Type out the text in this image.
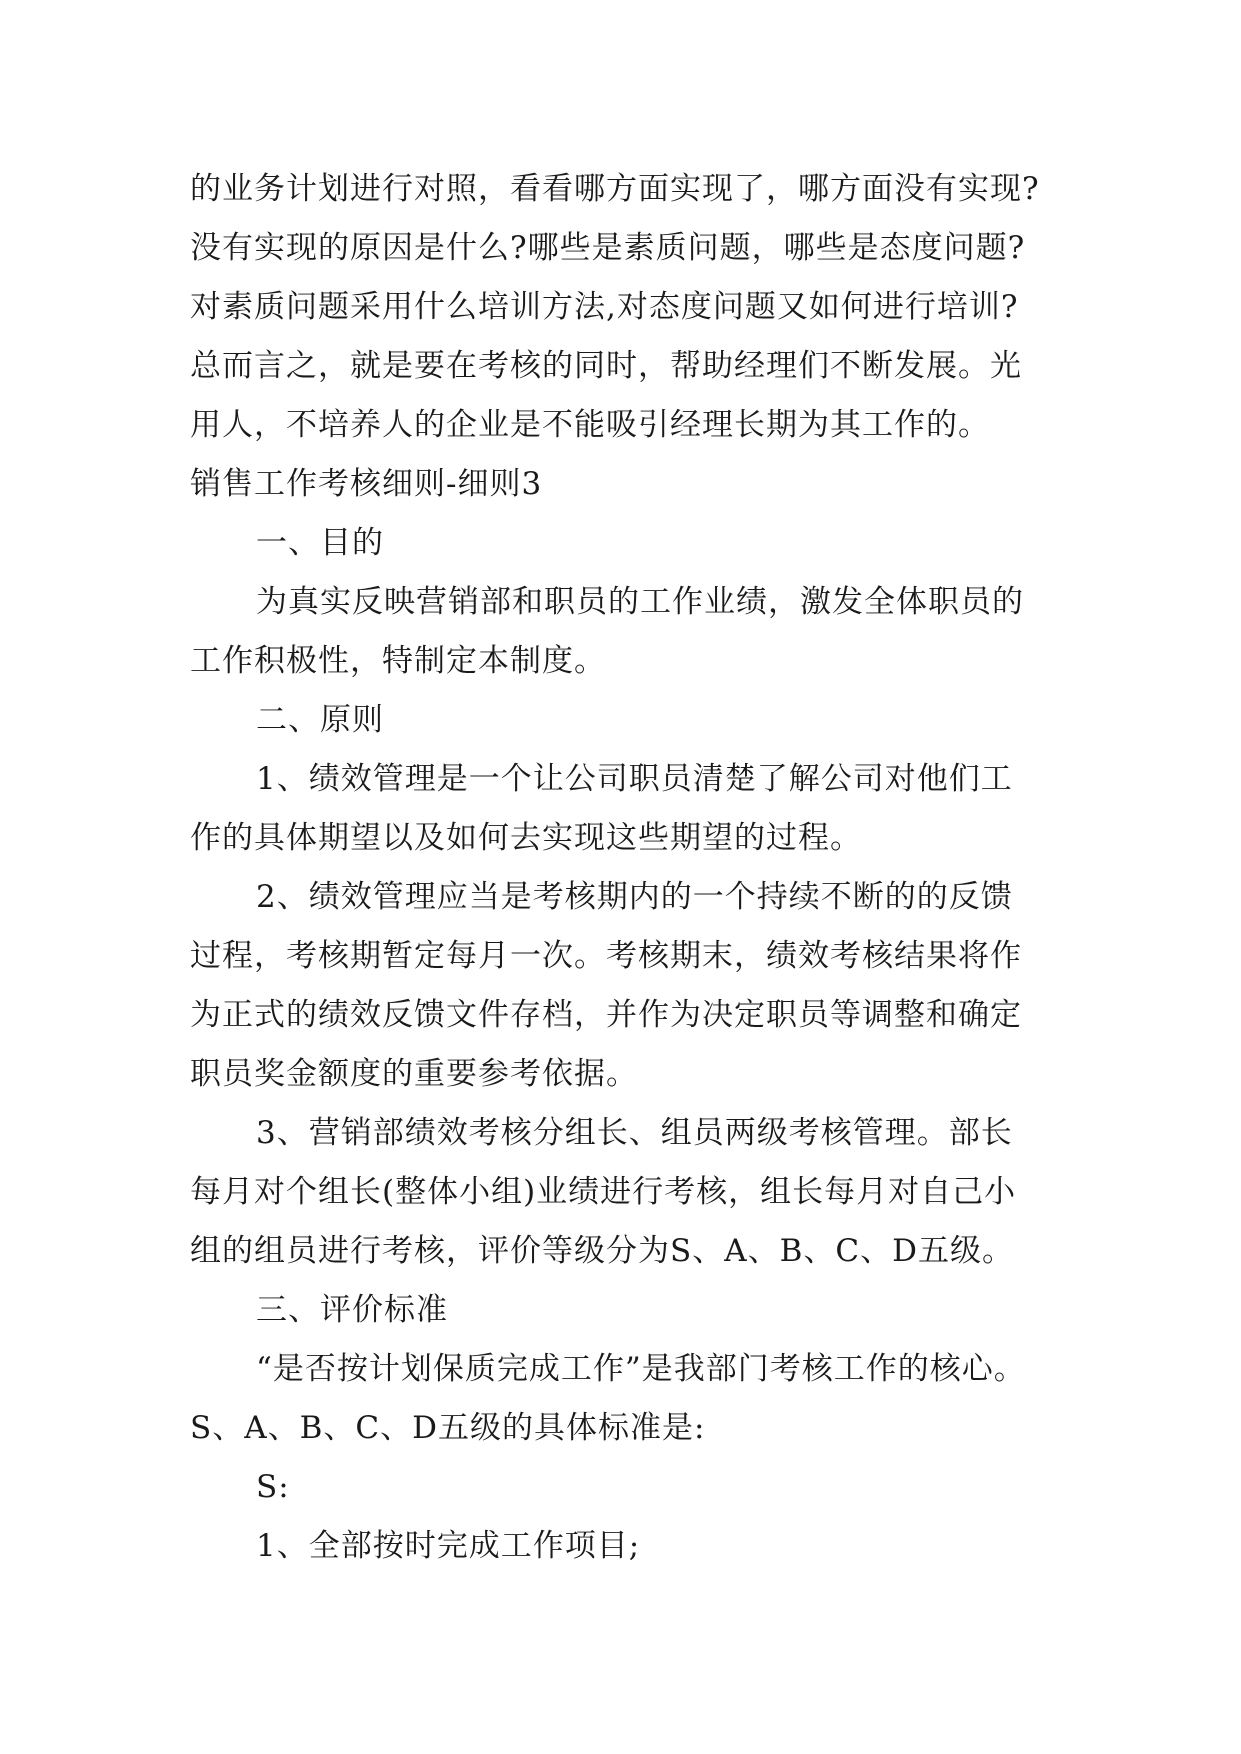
的业务计划进行对照，看看哪方面实现了，哪方面没有实现?
没有实现的原因是什么?哪些是素质问题，哪些是态度问题?
对素质问题采用什么培训方法,对态度问题又如何进行培训?
总而言之，就是要在考核的同时，帮助经理们不断发展。光
用人，不培养人的企业是不能吸引经理长期为其工作的。
销售工作考核细则-细则3
一、目的
为真实反映营销部和职员的工作业绩，激发全体职员的
工作积极性，特制定本制度。
二、原则
1、绩效管理是一个让公司职员清楚了解公司对他们工
作的具体期望以及如何去实现这些期望的过程。
2、绩效管理应当是考核期内的一个持续不断的的反馈
过程，考核期暂定每月一次。考核期末，绩效考核结果将作
为正式的绩效反馈文件存档，并作为决定职员等调整和确定
职员奖金额度的重要参考依据。
3、营销部绩效考核分组长、组员两级考核管理。部长
每月对个组长(整体小组)业绩进行考核，组长每月对自己小
组的组员进行考核，评价等级分为S、A、B、C、D五级。
三、评价标准
“是否按计划保质完成工作”是我部门考核工作的核心。
S、A、B、C、D五级的具体标准是:
S:
1、全部按时完成工作项目;
